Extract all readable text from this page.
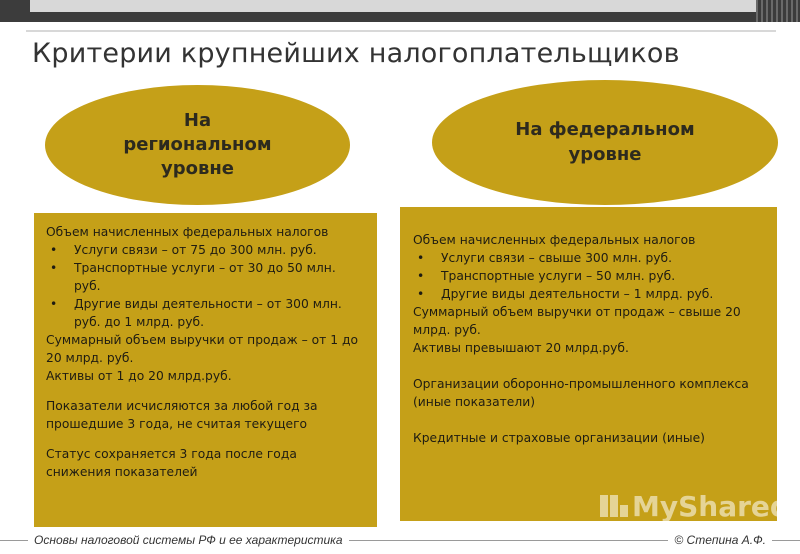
Критерии крупнейших налогоплательщиков
На региональном уровне
На федеральном уровне

Объем начисленных федеральных налогов

• Услуги связи – от 75 до 300 млн. руб.
• Транспортные услуги – от 30 до 50 млн. руб.
• Другие виды деятельности – от 300 млн. руб. до 1 млрд. руб.

Суммарный объем выручки от продаж – от 1 до 20 млрд. руб.

Активы от 1 до 20 млрд.руб.

Показатели исчисляются за любой год за прошедшие 3 года, не считая текущего

Статус сохраняется 3 года после года снижения показателей

Объем начисленных федеральных налогов

• Услуги связи – свыше 300 млн. руб.
• Транспортные услуги – 50 млн. руб.
• Другие виды деятельности – 1 млрд. руб.

Суммарный объем выручки от продаж – свыше 20 млрд. руб.

Активы превышают 20 млрд.руб.

Организации оборонно-промышленного комплекса (иные показатели)

Кредитные и страховые организации (иные)

MyShared
Основы налоговой системы РФ и ее характеристика	© Степина А.Ф.
